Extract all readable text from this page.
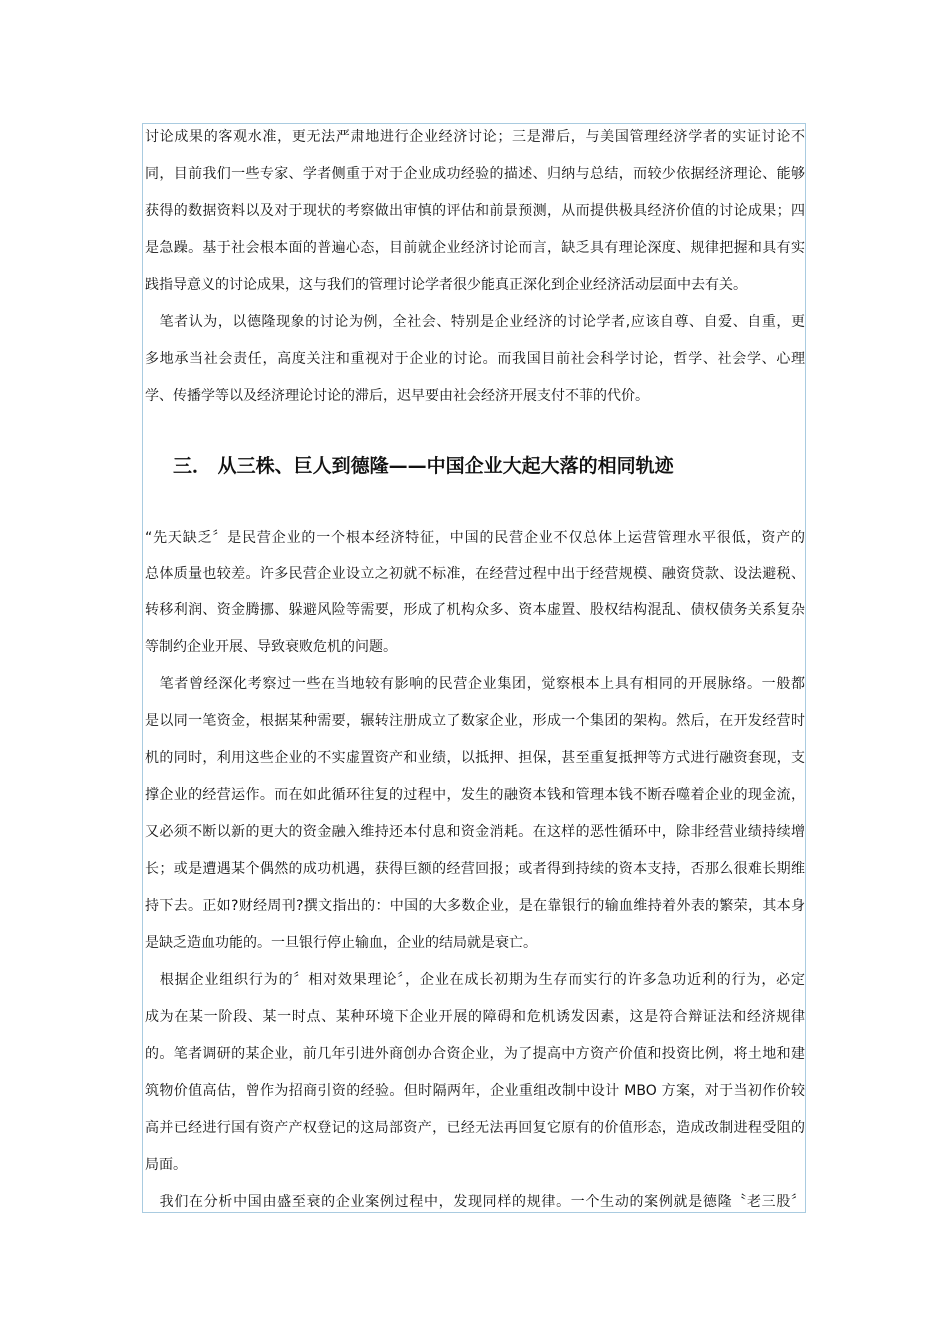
讨论成果的客观水准，更无法严肃地进行企业经济讨论；三是滞后，与美国管理经济学者的实证讨论不
同，目前我们一些专家、学者侧重于对于企业成功经验的描述、归纳与总结，而较少依据经济理论、能够
获得的数据资料以及对于现状的考察做出审慎的评估和前景预测，从而提供极具经济价值的讨论成果；四
是急躁。基于社会根本面的普遍心态，目前就企业经济讨论而言，缺乏具有理论深度、规律把握和具有实
践指导意义的讨论成果，这与我们的管理讨论学者很少能真正深化到企业经济活动层面中去有关。
　笔者认为，以德隆现象的讨论为例，全社会、特别是企业经济的讨论学者,应该自尊、自爱、自重，更
多地承当社会责任，高度关注和重视对于企业的讨论。而我国目前社会科学讨论，哲学、社会学、心理
学、传播学等以及经济理论讨论的滞后，迟早要由社会经济开展支付不菲的代价。
三． 从三株、巨人到德隆——中国企业大起大落的相同轨迹
“先天缺乏〞是民营企业的一个根本经济特征，中国的民营企业不仅总体上运营管理水平很低，资产的
总体质量也较差。许多民营企业设立之初就不标准，在经营过程中出于经营规模、融资贷款、设法避税、
转移利润、资金腾挪、躲避风险等需要，形成了机构众多、资本虚置、股权结构混乱、债权债务关系复杂
等制约企业开展、导致衰败危机的问题。
　笔者曾经深化考察过一些在当地较有影响的民营企业集团，觉察根本上具有相同的开展脉络。一般都
是以同一笔资金，根据某种需要，辗转注册成立了数家企业，形成一个集团的架构。然后，在开发经营时
机的同时，利用这些企业的不实虚置资产和业绩，以抵押、担保，甚至重复抵押等方式进行融资套现，支
撑企业的经营运作。而在如此循环往复的过程中，发生的融资本钱和管理本钱不断吞噬着企业的现金流，
又必须不断以新的更大的资金融入维持还本付息和资金消耗。在这样的恶性循环中，除非经营业绩持续增
长；或是遭遇某个偶然的成功机遇，获得巨额的经营回报；或者得到持续的资本支持，否那么很难长期维
持下去。正如?财经周刊?撰文指出的：中国的大多数企业，是在靠银行的输血维持着外表的繁荣，其本身
是缺乏造血功能的。一旦银行停止输血，企业的结局就是衰亡。
　根据企业组织行为的〞相对效果理论〞，企业在成长初期为生存而实行的许多急功近利的行为，必定
成为在某一阶段、某一时点、某种环境下企业开展的障碍和危机诱发因素，这是符合辩证法和经济规律
的。笔者调研的某企业，前几年引进外商创办合资企业，为了提高中方资产价值和投资比例，将土地和建
筑物价值高估，曾作为招商引资的经验。但时隔两年，企业重组改制中设计 MBO 方案，对于当初作价较
高并已经进行国有资产产权登记的这局部资产，已经无法再回复它原有的价值形态，造成改制进程受阻的
局面。
　我们在分析中国由盛至衰的企业案例过程中，发现同样的规律。一个生动的案例就是德隆〝老三股〞
